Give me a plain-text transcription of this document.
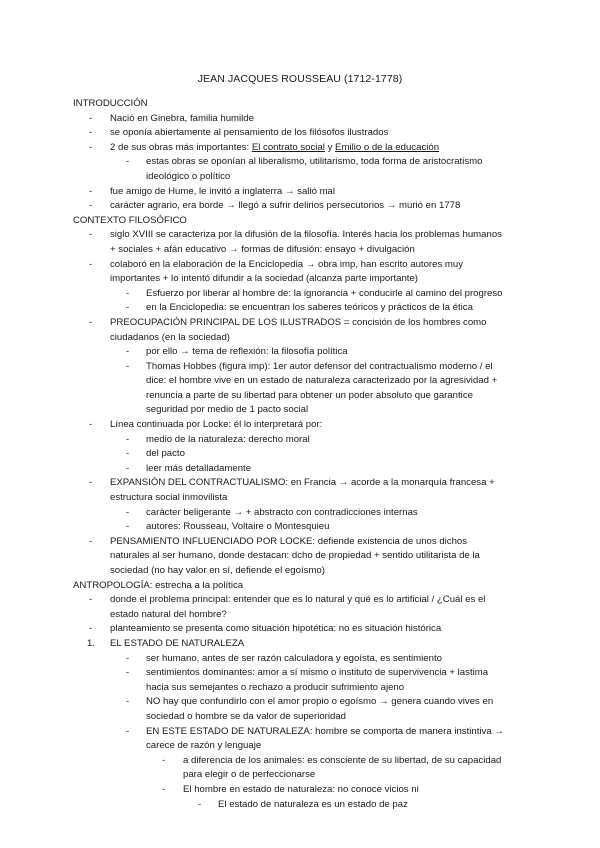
JEAN JACQUES ROUSSEAU (1712-1778)
INTRODUCCIÓN
- Nació en Ginebra, familia humilde
- se oponía abiertamente al pensamiento de los filósofos ilustrados
- 2 de sus obras más importantes: El contrato social y Emilio o de la educación
- estas obras se oponían al liberalismo, utilitarismo, toda forma de aristocratismo
ideológico o político
- fue amigo de Hume, le invitó a inglaterra → salió mal
- carácter agrario, era borde → llegó a sufrir delirios persecutorios → murió en 1778
CONTEXTO FILOSÓFICO
- siglo XVIII se caracteriza por la difusión de la filosofía. Interés hacia los problemas humanos
+ sociales + afán educativo → formas de difusión: ensayo + divulgación
- colaboró en la elaboración de la Enciclopedia → obra imp, han escrito autores muy
importantes + lo intentó difundir a la sociedad (alcanza parte importante)
- Esfuerzo por liberar al hombre de: la ignorancia + conducirle al camino del progreso
- en la Enciclopedia: se encuentran los saberes teóricos y prácticos de la ética
- PREOCUPACIÓN PRINCIPAL DE LOS ILUSTRADOS = concisión de los hombres como
ciudadanos (en la sociedad)
- por ello → tema de reflexión: la filosofía política
- Thomas Hobbes (figura imp): 1er autor defensor del contractualismo moderno / el
dice: el hombre vive en un estado de naturaleza caracterizado por la agresividad +
renuncia a parte de su libertad para obtener un poder absoluto que garantice
seguridad por medio de 1 pacto social
- Línea continuada por Locke: él lo interpretará por:
- medio de la naturaleza: derecho moral
- del pacto
- leer más detalladamente
- EXPANSIÓN DEL CONTRACTUALISMO: en Francia → acorde a la monarquía francesa +
estructura social inmovilista
- carácter beligerante → + abstracto con contradicciones internas
- autores: Rousseau, Voltaire o Montesquieu
- PENSAMIENTO INFLUENCIADO POR LOCKE: defiende existencia de unos dichos
naturales al ser humano, donde destacan: dcho de propiedad + sentido utilitarista de la
sociedad (no hay valor en sí, defiende el egoísmo)
ANTROPOLOGÍA: estrecha a la política
- donde el problema principal: entender que es lo natural y qué es lo artificial / ¿Cuál es el
estado natural del hombre?
- planteamiento se presenta como situación hipotética: no es situación histórica
1. EL ESTADO DE NATURALEZA
- ser humano, antes de ser razón calculadora y egoísta, es sentimiento
- sentimientos dominantes: amor a sí mismo o instituto de supervivencia + lastima
hacia sus semejantes o rechazo a producir sufrimiento ajeno
- NO hay que confundirlo con el amor propio o egoísmo → genera cuando vives en
sociedad o hombre se da valor de superioridad
- EN ESTE ESTADO DE NATURALEZA: hombre se comporta de manera instintiva →
carece de razón y lenguaje
- a diferencia de los animales: es consciente de su libertad, de su capacidad
para elegir o de perfeccionarse
- El hombre en estado de naturaleza: no conoce vicios ni
- El estado de naturaleza es un estado de paz
